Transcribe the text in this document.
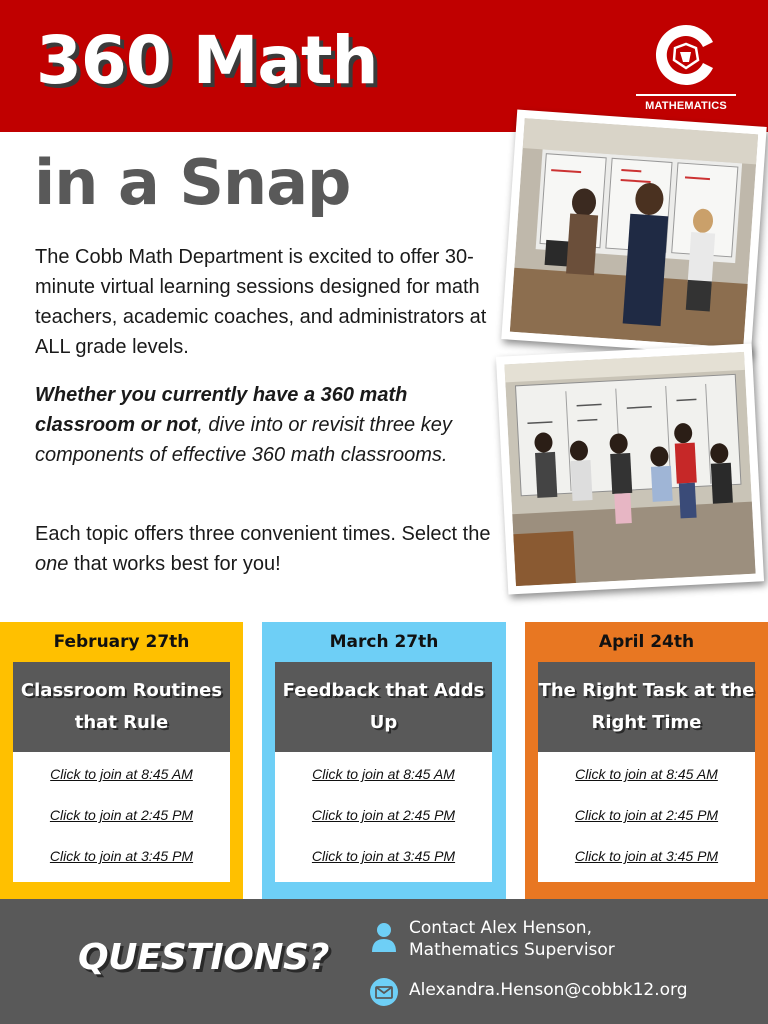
360 Math
MATHEMATICS
in a Snap
The Cobb Math Department is excited to offer 30-minute virtual learning sessions designed for math teachers, academic coaches, and administrators at ALL grade levels.
Whether you currently have a 360 math classroom or not, dive into or revisit three key components of effective 360 math classrooms.
Each topic offers three convenient times. Select the one that works best for you!
February 27th
Classroom Routines that Rule
Click to join at 8:45 AM
Click to join at 2:45 PM
Click to join at 3:45 PM
March 27th
Feedback that Adds Up
Click to join at 8:45 AM
Click to join at 2:45 PM
Click to join at 3:45 PM
April 24th
The Right Task at the Right Time
Click to join at 8:45 AM
Click to join at 2:45 PM
Click to join at 3:45 PM
QUESTIONS?
Contact Alex Henson,
Mathematics Supervisor
Alexandra.Henson@cobbk12.org
